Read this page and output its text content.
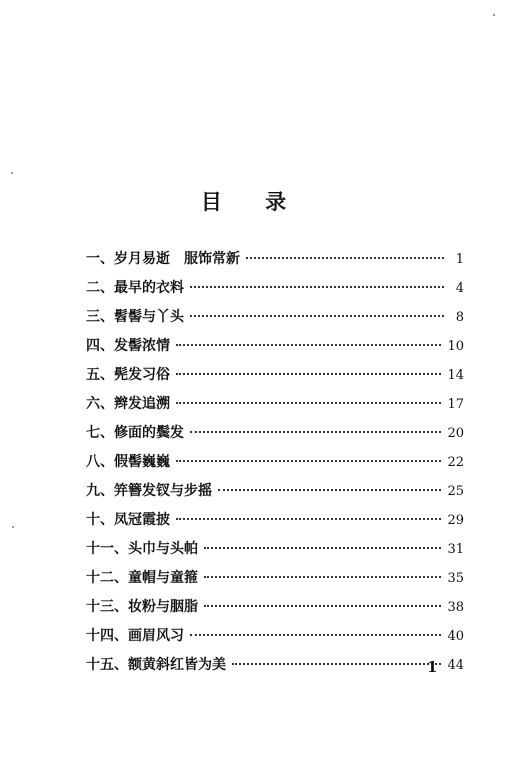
目 录
一、 岁月易逝　服饰常新	1
二、 最早的衣料	4
三、 髫髻与丫头	8
四、 发髻浓情	10
五、 髡发习俗	14
六、 辫发追溯	17
七、 修面的鬓发	20
八、 假髻巍巍	22
九、 笄簪发钗与步摇	25
十、 凤冠霞披	29
十一、 头巾与头帕	31
十二、 童帽与童箍	35
十三、 妆粉与胭脂	38
十四、 画眉风习	40
十五、 额黄斜红皆为美	44
1
